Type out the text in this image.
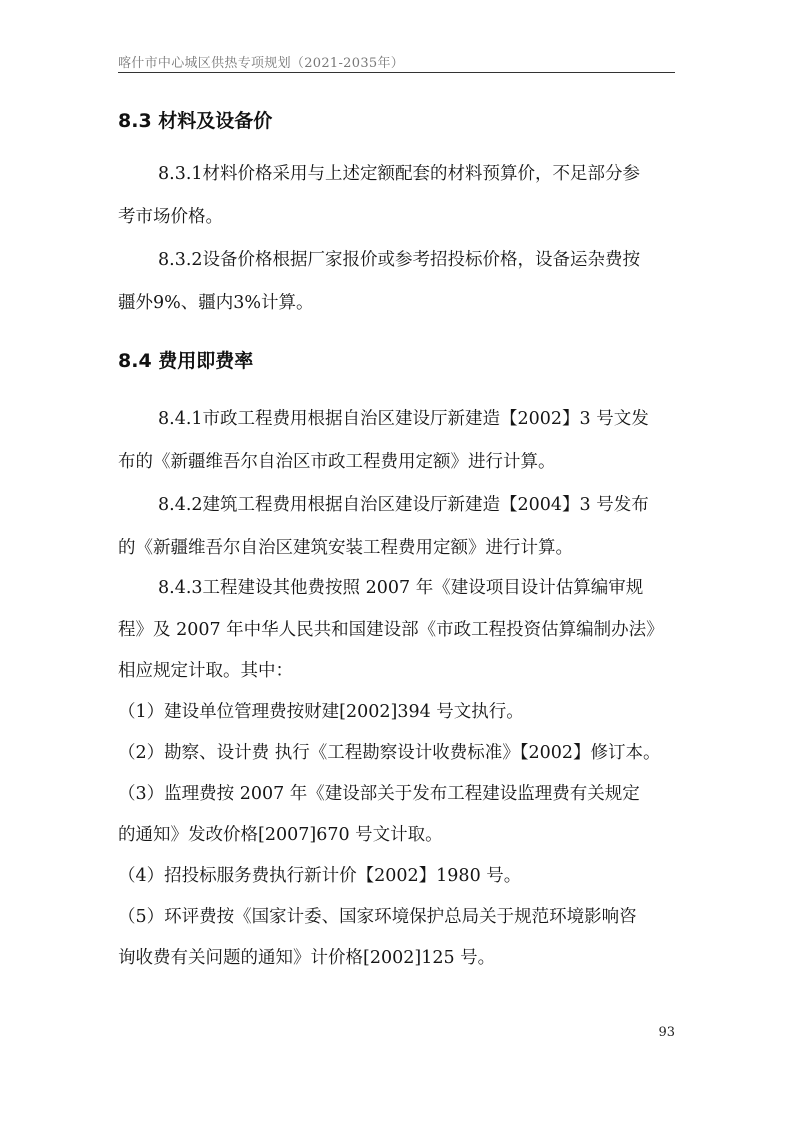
喀什市中心城区供热专项规划（2021-2035年）
8.3 材料及设备价
8.3.1材料价格采用与上述定额配套的材料预算价，不足部分参
考市场价格。
8.3.2设备价格根据厂家报价或参考招投标价格，设备运杂费按
疆外9%、疆内3%计算。
8.4 费用即费率
8.4.1市政工程费用根据自治区建设厅新建造【2002】3 号文发
布的《新疆维吾尔自治区市政工程费用定额》进行计算。
8.4.2建筑工程费用根据自治区建设厅新建造【2004】3 号发布
的《新疆维吾尔自治区建筑安装工程费用定额》进行计算。
8.4.3工程建设其他费按照 2007 年《建设项目设计估算编审规
程》及 2007 年中华人民共和国建设部《市政工程投资估算编制办法》
相应规定计取。其中：
（1）建设单位管理费按财建[2002]394 号文执行。
（2）勘察、设计费 执行《工程勘察设计收费标准》【2002】修订本。
（3）监理费按 2007 年《建设部关于发布工程建设监理费有关规定
的通知》发改价格[2007]670 号文计取。
（4）招投标服务费执行新计价【2002】1980 号。
（5）环评费按《国家计委、国家环境保护总局关于规范环境影响咨
询收费有关问题的通知》计价格[2002]125 号。
93
